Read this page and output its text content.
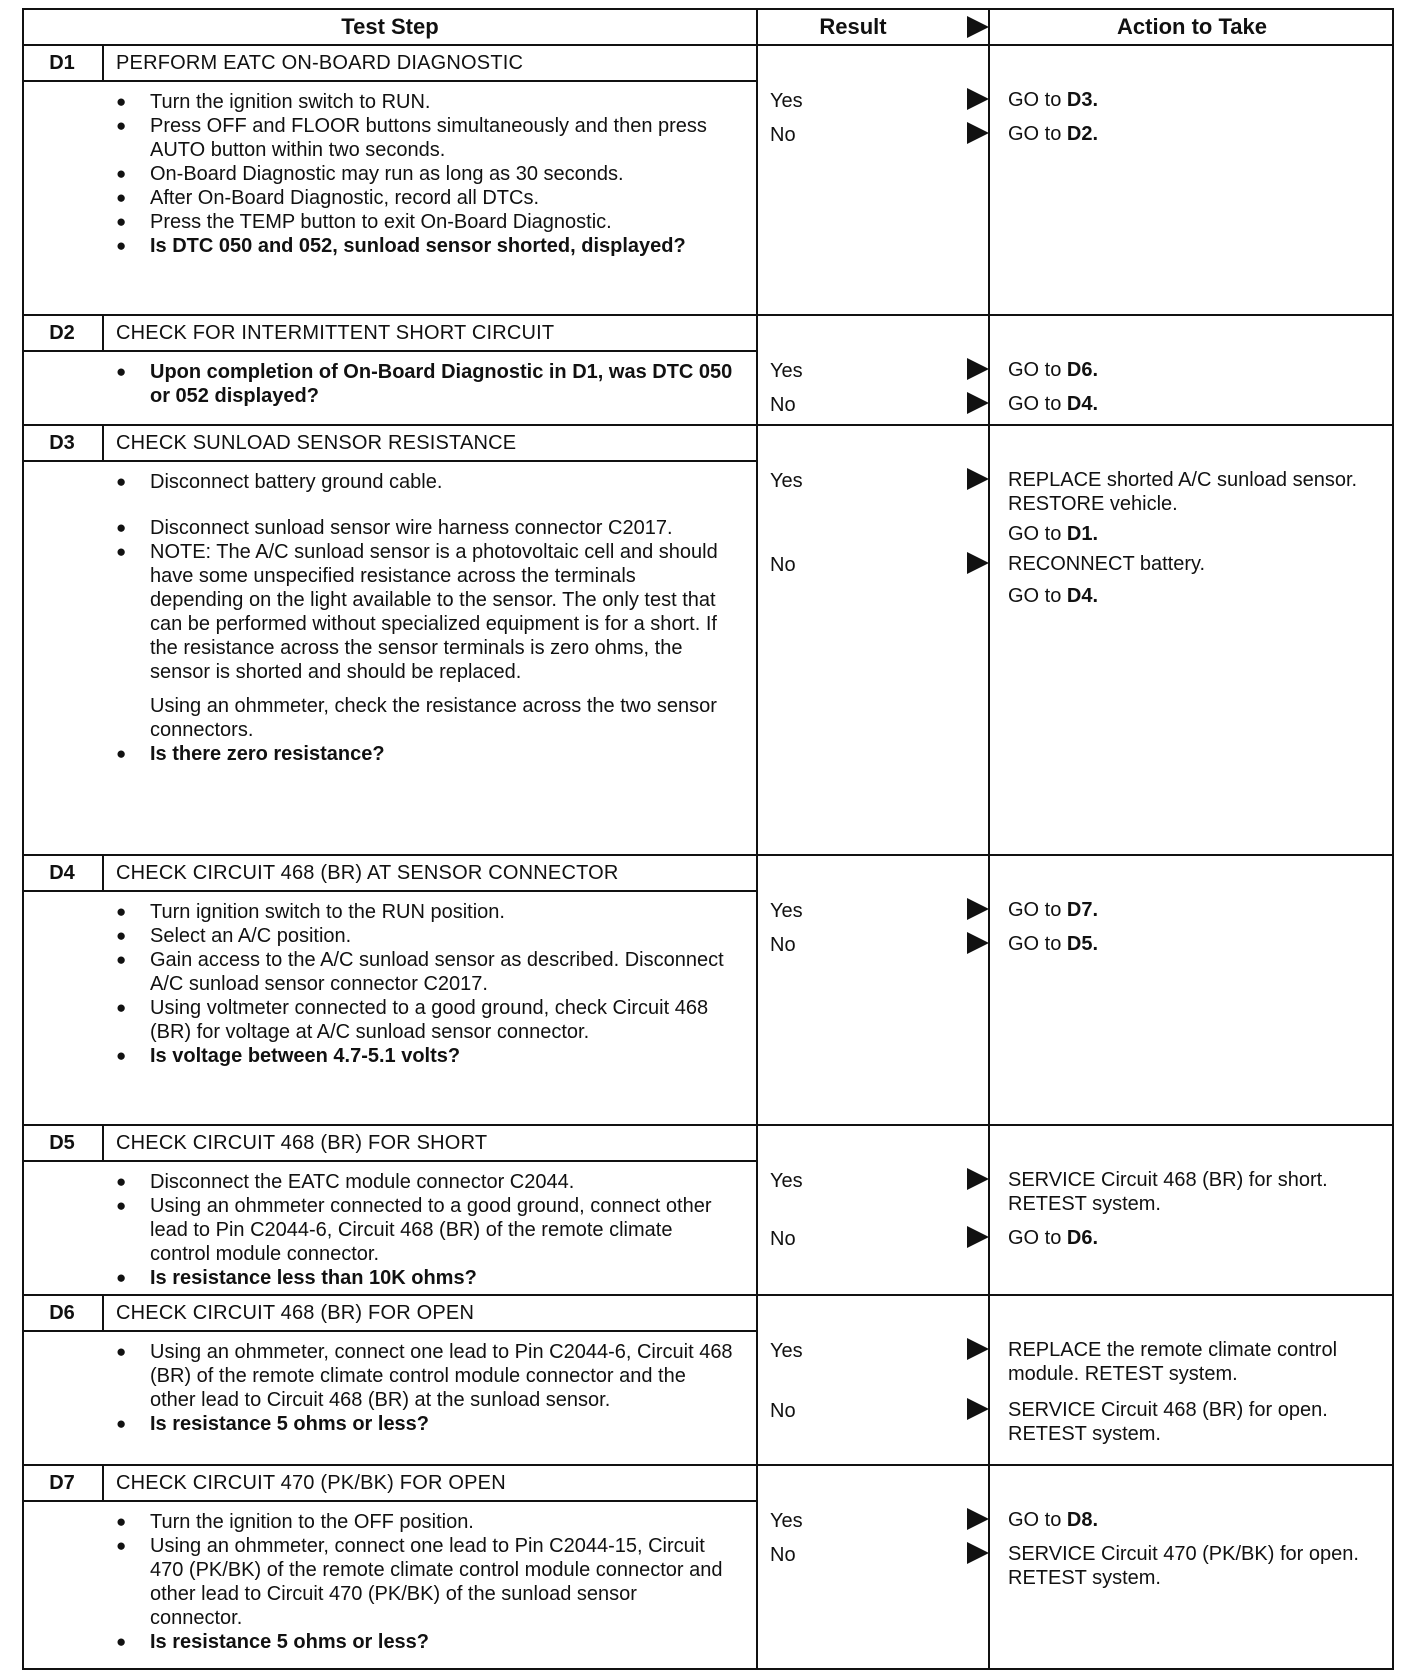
Test Step	Result	Action to Take
D1	PERFORM EATC ON-BOARD DIAGNOSTIC
● Turn the ignition switch to RUN.
● Press OFF and FLOOR buttons simultaneously and then press AUTO button within two seconds.
● On-Board Diagnostic may run as long as 30 seconds.
● After On-Board Diagnostic, record all DTCs.
● Press the TEMP button to exit On-Board Diagnostic.
● Is DTC 050 and 052, sunload sensor shorted, displayed?
Yes	GO to D3.
No	GO to D2.
D2	CHECK FOR INTERMITTENT SHORT CIRCUIT
● Upon completion of On-Board Diagnostic in D1, was DTC 050 or 052 displayed?
Yes	GO to D6.
No	GO to D4.
D3	CHECK SUNLOAD SENSOR RESISTANCE
● Disconnect battery ground cable.
● Disconnect sunload sensor wire harness connector C2017.
● NOTE: The A/C sunload sensor is a photovoltaic cell and should have some unspecified resistance across the terminals depending on the light available to the sensor. The only test that can be performed without specialized equipment is for a short. If the resistance across the sensor terminals is zero ohms, the sensor is shorted and should be replaced.
Using an ohmmeter, check the resistance across the two sensor connectors.
● Is there zero resistance?
Yes	REPLACE shorted A/C sunload sensor. RESTORE vehicle.
GO to D1.
No	RECONNECT battery.
GO to D4.
D4	CHECK CIRCUIT 468 (BR) AT SENSOR CONNECTOR
● Turn ignition switch to the RUN position.
● Select an A/C position.
● Gain access to the A/C sunload sensor as described. Disconnect A/C sunload sensor connector C2017.
● Using voltmeter connected to a good ground, check Circuit 468 (BR) for voltage at A/C sunload sensor connector.
● Is voltage between 4.7-5.1 volts?
Yes	GO to D7.
No	GO to D5.
D5	CHECK CIRCUIT 468 (BR) FOR SHORT
● Disconnect the EATC module connector C2044.
● Using an ohmmeter connected to a good ground, connect other lead to Pin C2044-6, Circuit 468 (BR) of the remote climate control module connector.
● Is resistance less than 10K ohms?
Yes	SERVICE Circuit 468 (BR) for short. RETEST system.
No	GO to D6.
D6	CHECK CIRCUIT 468 (BR) FOR OPEN
● Using an ohmmeter, connect one lead to Pin C2044-6, Circuit 468 (BR) of the remote climate control module connector and the other lead to Circuit 468 (BR) at the sunload sensor.
● Is resistance 5 ohms or less?
Yes	REPLACE the remote climate control module. RETEST system.
No	SERVICE Circuit 468 (BR) for open. RETEST system.
D7	CHECK CIRCUIT 470 (PK/BK) FOR OPEN
● Turn the ignition to the OFF position.
● Using an ohmmeter, connect one lead to Pin C2044-15, Circuit 470 (PK/BK) of the remote climate control module connector and other lead to Circuit 470 (PK/BK) of the sunload sensor connector.
● Is resistance 5 ohms or less?
Yes	GO to D8.
No	SERVICE Circuit 470 (PK/BK) for open. RETEST system.
